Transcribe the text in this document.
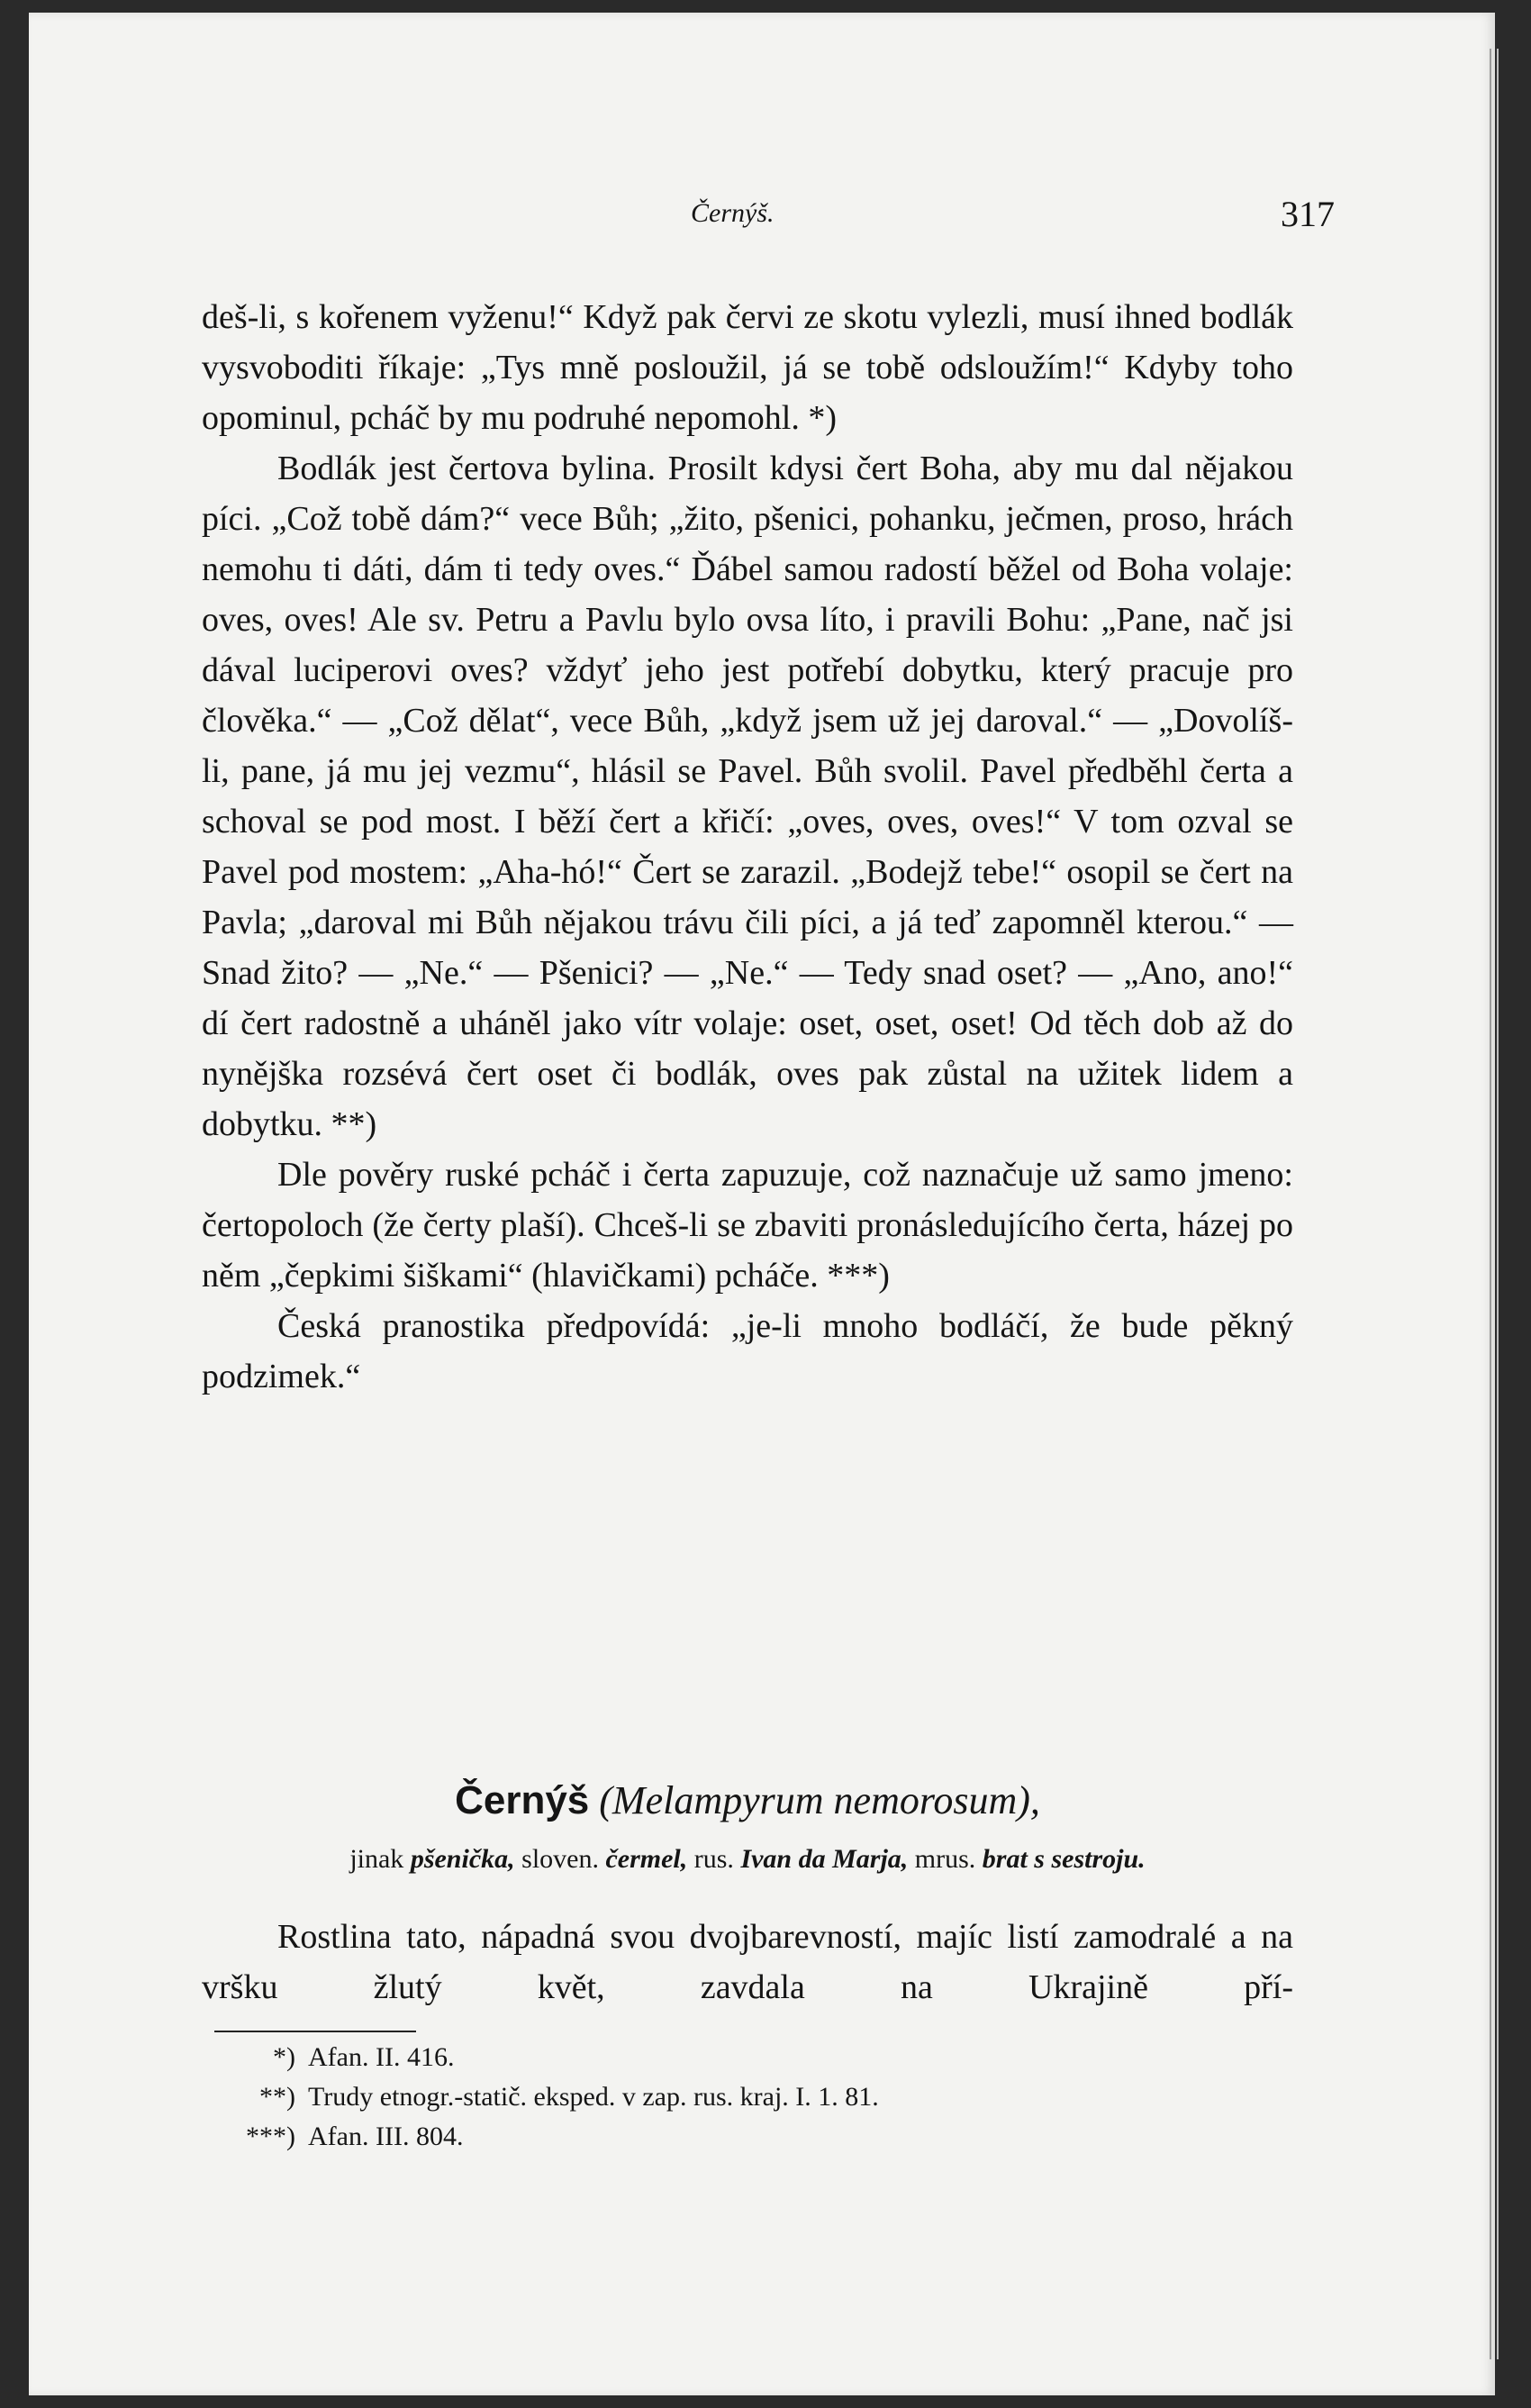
Černýš.	317

deš-li, s kořenem vyženu!“ Když pak červi ze skotu vylezli, musí ihned bodlák vysvoboditi říkaje: „Tys mně posloužil, já se tobě odsloužím!“ Kdyby toho opominul, pcháč by mu podruhé nepomohl. *)

Bodlák jest čertova bylina. Prosilt kdysi čert Boha, aby mu dal nějakou píci. „Což tobě dám?“ vece Bůh; „žito, pšenici, pohanku, ječmen, proso, hrách nemohu ti dáti, dám ti tedy oves.“ Ďábel samou radostí běžel od Boha volaje: oves, oves! Ale sv. Petru a Pavlu bylo ovsa líto, i pravili Bohu: „Pane, nač jsi dával luciperovi oves? vždyť jeho jest potřebí dobytku, který pracuje pro člověka.“ — „Což dělat“, vece Bůh, „když jsem už jej daroval.“ — „Dovolíš-li, pane, já mu jej vezmu“, hlásil se Pavel. Bůh svolil. Pavel předběhl čerta a schoval se pod most. I běží čert a křičí: „oves, oves, oves!“ V tom ozval se Pavel pod mostem: „Aha-hó!“ Čert se zarazil. „Bodejž tebe!“ osopil se čert na Pavla; „daroval mi Bůh nějakou trávu čili píci, a já teď zapomněl kterou.“ — Snad žito? — „Ne.“ — Pšenici? — „Ne.“ — Tedy snad oset? — „Ano, ano!“ dí čert radostně a uháněl jako vítr volaje: oset, oset, oset! Od těch dob až do nynějška rozsévá čert oset či bodlák, oves pak zůstal na užitek lidem a dobytku. **)

Dle pověry ruské pcháč i čerta zapuzuje, což naznačuje už samo jmeno: čertopoloch (že čerty plaší). Chceš-li se zbaviti pronásledujícího čerta, házej po něm „čepkimi šiškami“ (hlavičkami) pcháče. ***)

Česká pranostika předpovídá: „je-li mnoho bodláčí, že bude pěkný podzimek.“

Černýš (Melampyrum nemorosum),
jinak pšenička, sloven. čermel, rus. Ivan da Marja, mrus. brat s sestroju.

Rostlina tato, nápadná svou dvojbarevností, majíc listí zamodralé a na vršku žlutý květ, zavdala na Ukrajině pří-

*) Afan. II. 416.
**) Trudy etnogr.-statič. eksped. v zap. rus. kraj. I. 1. 81.
***) Afan. III. 804.
